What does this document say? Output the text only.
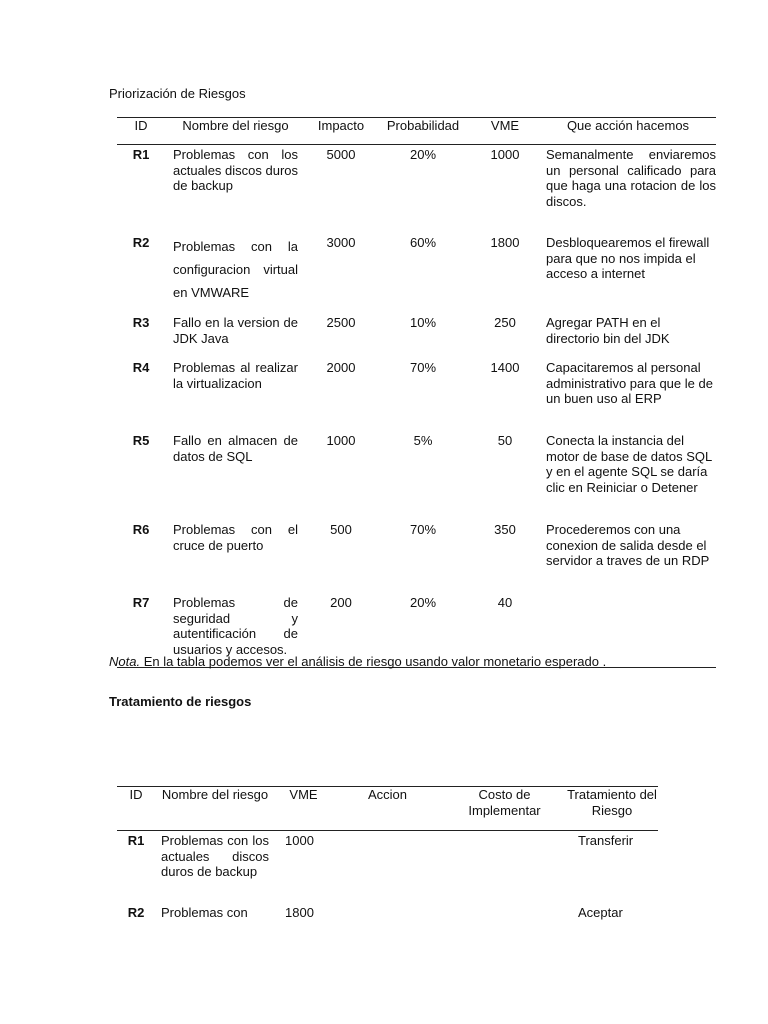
Priorización de Riesgos
ID	Nombre del riesgo	Impacto	Probabilidad	VME	Que acción hacemos
R1	Problemas con los actuales discos duros de backup	5000	20%	1000	Semanalmente enviaremos un personal calificado para que haga una rotacion de los discos.
R2	Problemas con la configuracion virtual en VMWARE	3000	60%	1800	Desbloquearemos el firewall para que no nos impida el acceso a internet
R3	Fallo en la version de JDK Java	2500	10%	250	Agregar PATH en el directorio bin del JDK
R4	Problemas al realizar la virtualizacion	2000	70%	1400	Capacitaremos al personal administrativo para que le de un buen uso al ERP
R5	Fallo en almacen de datos de SQL	1000	5%	50	Conecta la instancia del motor de base de datos SQL y en el agente SQL se daría clic en Reiniciar o Detener
R6	Problemas con el cruce de puerto	500	70%	350	Procederemos con una conexion de salida desde el servidor a traves de un RDP
R7	Problemas de seguridad y autentificación de usuarios y accesos.	200	20%	40	
Nota. En la tabla podemos ver el análisis de riesgo usando valor monetario esperado .
Tratamiento de riesgos
ID	Nombre del riesgo	VME	Accion	Costo de Implementar	Tratamiento del Riesgo
R1	Problemas con los actuales discos duros de backup	1000			Transferir
R2	Problemas con	1800			Aceptar
